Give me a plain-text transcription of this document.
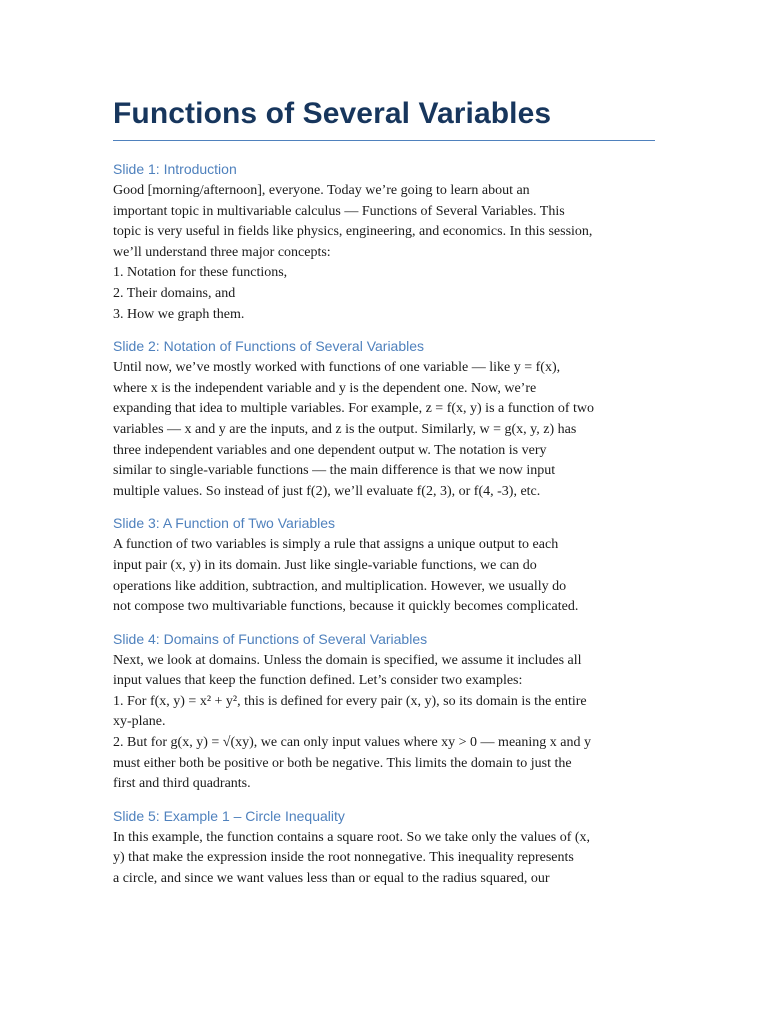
Functions of Several Variables
Slide 1: Introduction

Good [morning/afternoon], everyone. Today we’re going to learn about an
important topic in multivariable calculus — Functions of Several Variables. This
topic is very useful in fields like physics, engineering, and economics. In this session,
we’ll understand three major concepts:
1. Notation for these functions,
2. Their domains, and
3. How we graph them.

Slide 2: Notation of Functions of Several Variables

Until now, we’ve mostly worked with functions of one variable — like y = f(x),
where x is the independent variable and y is the dependent one. Now, we’re
expanding that idea to multiple variables. For example, z = f(x, y) is a function of two
variables — x and y are the inputs, and z is the output. Similarly, w = g(x, y, z) has
three independent variables and one dependent output w. The notation is very
similar to single-variable functions — the main difference is that we now input
multiple values. So instead of just f(2), we’ll evaluate f(2, 3), or f(4, -3), etc.

Slide 3: A Function of Two Variables

A function of two variables is simply a rule that assigns a unique output to each
input pair (x, y) in its domain. Just like single-variable functions, we can do
operations like addition, subtraction, and multiplication. However, we usually do
not compose two multivariable functions, because it quickly becomes complicated.

Slide 4: Domains of Functions of Several Variables

Next, we look at domains. Unless the domain is specified, we assume it includes all
input values that keep the function defined. Let’s consider two examples:
1. For f(x, y) = x² + y², this is defined for every pair (x, y), so its domain is the entire
xy-plane.
2. But for g(x, y) = √(xy), we can only input values where xy > 0 — meaning x and y
must either both be positive or both be negative. This limits the domain to just the
first and third quadrants.

Slide 5: Example 1 – Circle Inequality

In this example, the function contains a square root. So we take only the values of (x,
y) that make the expression inside the root nonnegative. This inequality represents
a circle, and since we want values less than or equal to the radius squared, our
